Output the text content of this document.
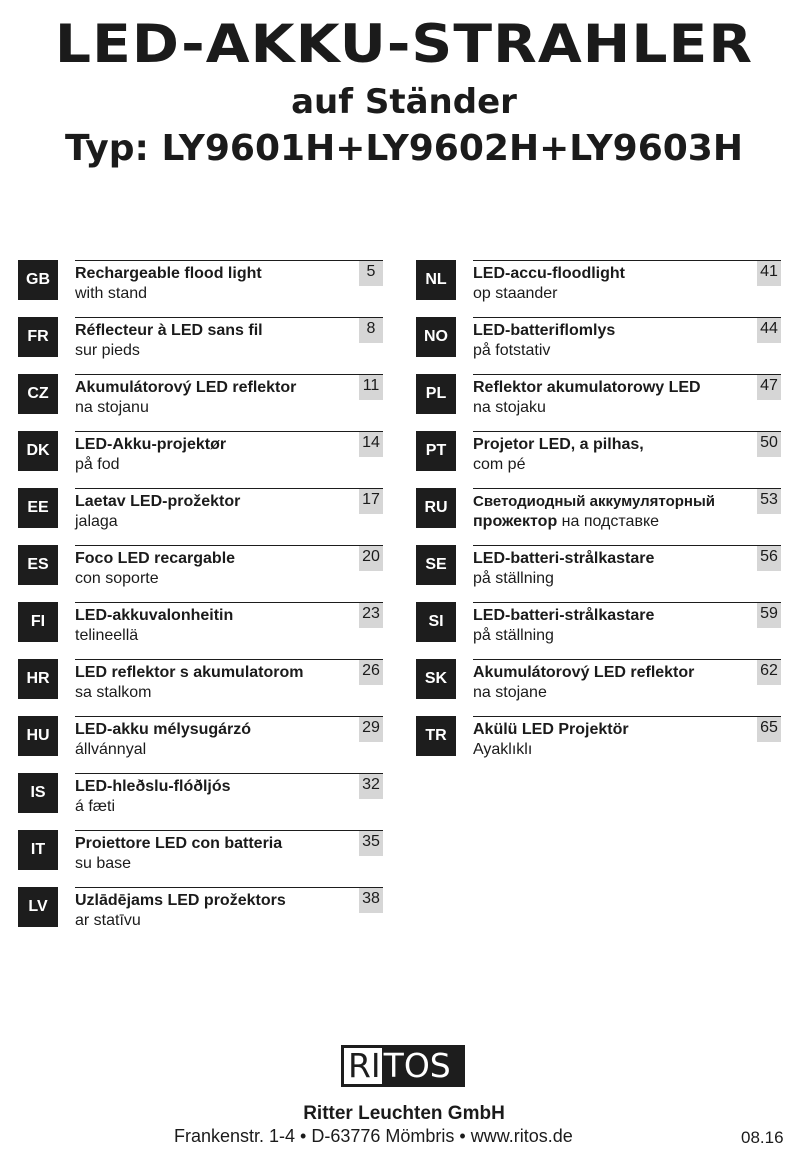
LED-AKKU-STRAHLER
auf Ständer
Typ: LY9601H+LY9602H+LY9603H
GB	Rechargeable flood light
with stand
5
FR	Réflecteur à LED sans fil
sur pieds
8
CZ	Akumulátorový LED reflektor
na stojanu
11
DK	LED-Akku-projektør
på fod
14
EE	Laetav LED-prožektor
jalaga
17
ES	Foco LED recargable
con soporte
20
FI	LED-akkuvalonheitin
telineellä
23
HR	LED reflektor s akumulatorom
sa stalkom
26
HU	LED-akku mélysugárzó
állvánnyal
29
IS	LED-hleðslu-flóðljós
á fæti
32
IT	Proiettore LED con batteria
su base
35
LV	Uzlādējams LED prožektors
ar statīvu
38
NL	LED-accu-floodlight
op staander
41
NO	LED-batteriflomlys
på fotstativ
44
PL	Reflektor akumulatorowy LED
na stojaku
47
PT	Projetor LED, a pilhas,
com pé
50
RU	Светодиодный аккумуляторный
прожектор на подставке
53
SE	LED-batteri-strålkastare
på ställning
56
SI	LED-batteri-strålkastare
på ställning
59
SK	Akumulátorový LED reflektor
na stojane
62
TR	Akülü LED Projektör
Ayaklıklı
65
RI TOS
Ritter Leuchten GmbH
Frankenstr. 1-4 • D-63776 Mömbris • www.ritos.de	08.16
